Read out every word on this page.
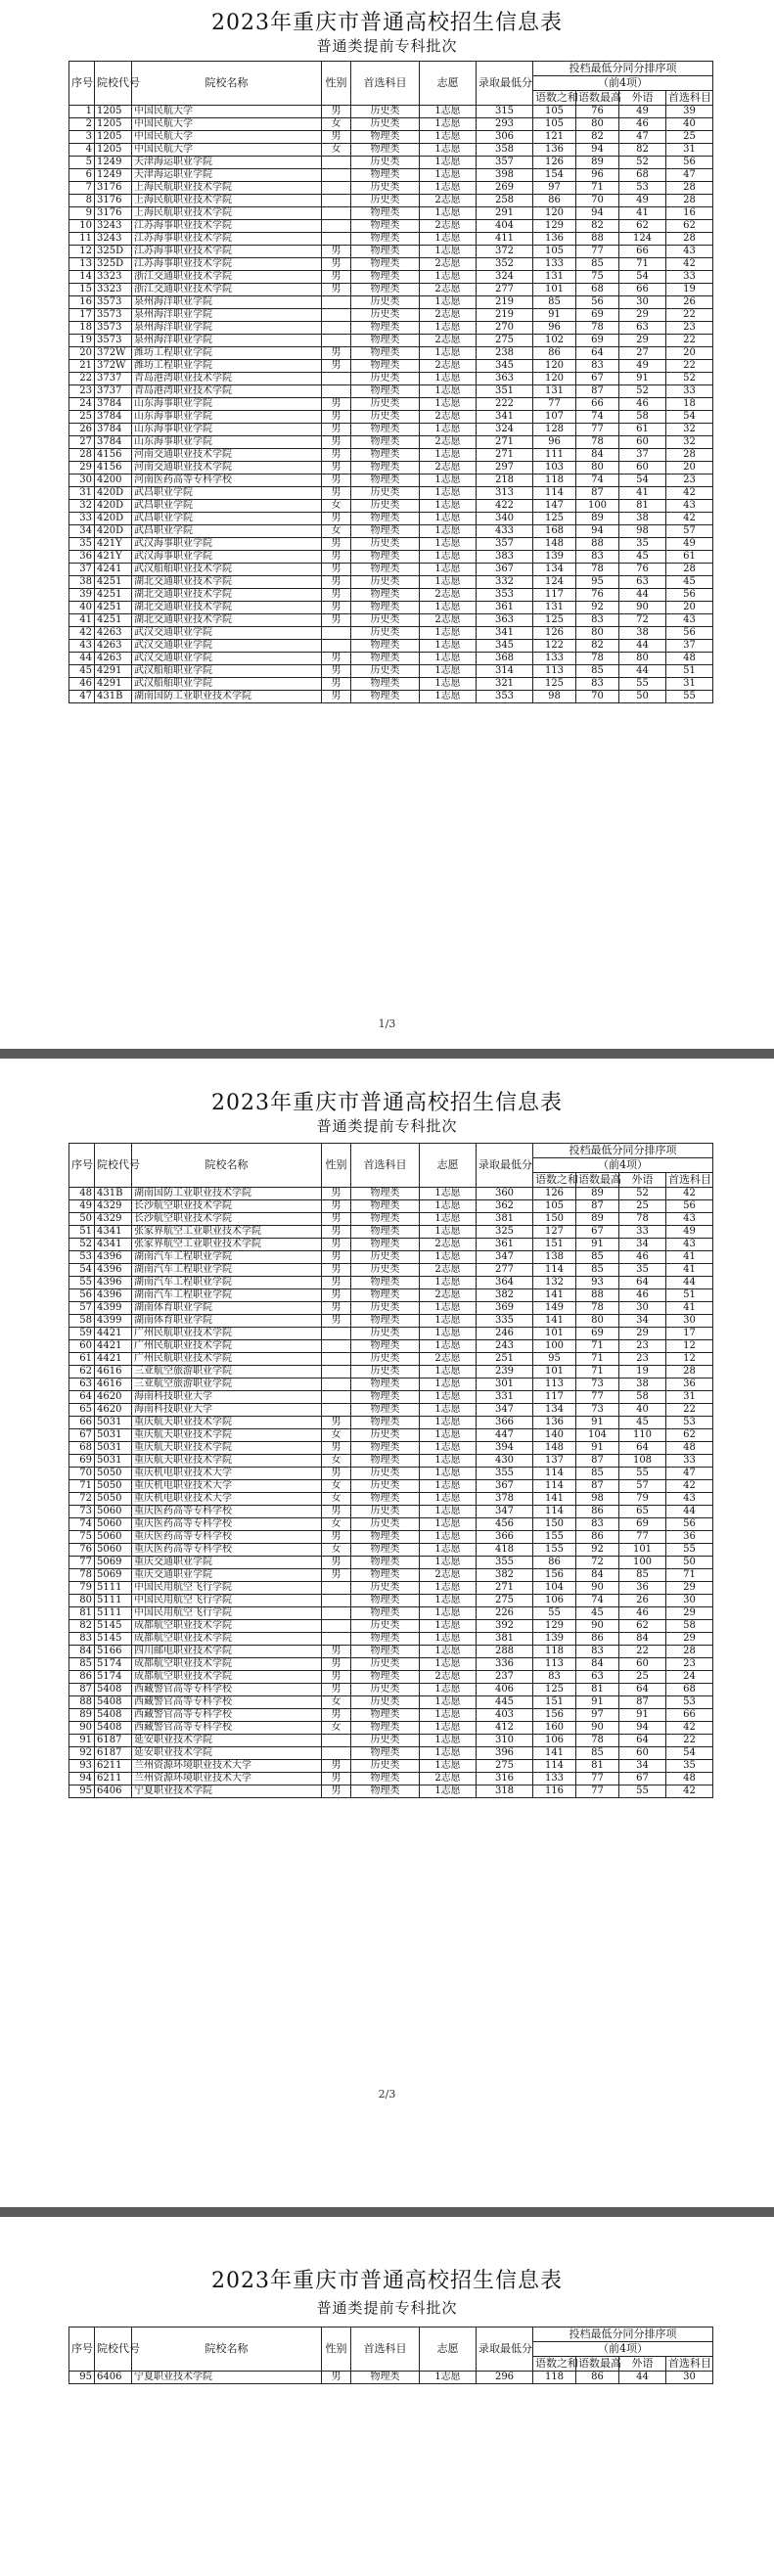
2023年重庆市普通高校招生信息表
普通类提前专科批次
序号	院校代号	院校名称	性别	首选科目	志愿	录取最低分	投档最低分同分排序项			
							（前4项）			
							语数之和	语数最高	外语	首选科目
1	1205	中国民航大学	男	历史类	1志愿	315	105	76	49	39
2	1205	中国民航大学	女	历史类	1志愿	293	105	80	46	40
3	1205	中国民航大学	男	物理类	1志愿	306	121	82	47	25
4	1205	中国民航大学	女	物理类	1志愿	358	136	94	82	31
5	1249	天津海运职业学院		历史类	1志愿	357	126	89	52	56
6	1249	天津海运职业学院		物理类	1志愿	398	154	96	68	47
7	3176	上海民航职业技术学院		历史类	1志愿	269	97	71	53	28
8	3176	上海民航职业技术学院		历史类	2志愿	258	86	70	49	28
9	3176	上海民航职业技术学院		物理类	1志愿	291	120	94	41	16
10	3243	江苏海事职业技术学院		物理类	2志愿	404	129	82	62	62
11	3243	江苏海事职业技术学院		物理类	1志愿	411	136	88	124	28
12	325D	江苏海事职业技术学院	男	物理类	1志愿	372	105	77	66	43
13	325D	江苏海事职业技术学院	男	物理类	2志愿	352	133	85	71	42
14	3323	浙江交通职业技术学院	男	物理类	1志愿	324	131	75	54	33
15	3323	浙江交通职业技术学院	男	物理类	2志愿	277	101	68	66	19
16	3573	泉州海洋职业学院		历史类	1志愿	219	85	56	30	26
17	3573	泉州海洋职业学院		历史类	2志愿	219	91	69	29	22
18	3573	泉州海洋职业学院		物理类	1志愿	270	96	78	63	23
19	3573	泉州海洋职业学院		物理类	2志愿	275	102	69	29	22
20	372W	潍坊工程职业学院	男	物理类	1志愿	238	86	64	27	20
21	372W	潍坊工程职业学院	男	物理类	2志愿	345	120	83	49	22
22	3737	青岛港湾职业技术学院		历史类	1志愿	363	120	67	91	52
23	3737	青岛港湾职业技术学院		物理类	1志愿	351	131	87	52	33
24	3784	山东海事职业学院	男	历史类	1志愿	222	77	66	46	18
25	3784	山东海事职业学院	男	历史类	2志愿	341	107	74	58	54
26	3784	山东海事职业学院	男	物理类	1志愿	324	128	77	61	32
27	3784	山东海事职业学院	男	物理类	2志愿	271	96	78	60	32
28	4156	河南交通职业技术学院	男	物理类	1志愿	271	111	84	37	28
29	4156	河南交通职业技术学院	男	物理类	2志愿	297	103	80	60	20
30	4200	河南医药高等专科学校	男	物理类	1志愿	218	118	74	54	23
31	420D	武昌职业学院	男	历史类	1志愿	313	114	87	41	42
32	420D	武昌职业学院	女	历史类	1志愿	422	147	100	81	43
33	420D	武昌职业学院	男	物理类	1志愿	340	125	89	38	42
34	420D	武昌职业学院	女	物理类	1志愿	433	168	94	98	57
35	421Y	武汉海事职业学院	男	历史类	1志愿	357	148	88	35	49
36	421Y	武汉海事职业学院	男	物理类	1志愿	383	139	83	45	61
37	4241	武汉船舶职业技术学院	男	物理类	1志愿	367	134	78	76	28
38	4251	湖北交通职业技术学院	男	历史类	1志愿	332	124	95	63	45
39	4251	湖北交通职业技术学院	男	物理类	2志愿	353	117	76	44	56
40	4251	湖北交通职业技术学院	男	物理类	1志愿	361	131	92	90	20
41	4251	湖北交通职业技术学院	男	历史类	2志愿	363	125	83	72	43
42	4263	武汉交通职业学院		历史类	1志愿	341	126	80	38	56
43	4263	武汉交通职业学院		物理类	1志愿	345	122	82	44	37
44	4263	武汉交通职业学院	男	物理类	1志愿	368	133	78	80	48
45	4291	武汉船舶职业学院	男	历史类	1志愿	314	113	85	44	51
46	4291	武汉船舶职业学院	男	物理类	1志愿	321	125	83	55	31
47	431B	湖南国防工业职业技术学院	男	物理类	1志愿	353	98	70	50	55
1/3
2023年重庆市普通高校招生信息表
普通类提前专科批次
序号	院校代号	院校名称	性别	首选科目	志愿	录取最低分	投档最低分同分排序项			
							（前4项）			
							语数之和	语数最高	外语	首选科目
48	431B	湖南国防工业职业技术学院	男	物理类	1志愿	360	126	89	52	42
49	4329	长沙航空职业技术学院	男	物理类	1志愿	362	105	87	25	56
50	4329	长沙航空职业技术学院	男	物理类	1志愿	381	150	89	78	43
51	4341	张家界航空工业职业技术学院	男	物理类	1志愿	325	127	67	33	49
52	4341	张家界航空工业职业技术学院	男	物理类	2志愿	361	151	91	34	43
53	4396	湖南汽车工程职业学院	男	历史类	1志愿	347	138	85	46	41
54	4396	湖南汽车工程职业学院	男	历史类	2志愿	277	114	85	35	41
55	4396	湖南汽车工程职业学院	男	物理类	1志愿	364	132	93	64	44
56	4396	湖南汽车工程职业学院	男	物理类	2志愿	382	141	88	46	51
57	4399	湖南体育职业学院	男	历史类	1志愿	369	149	78	30	41
58	4399	湖南体育职业学院	男	物理类	1志愿	335	141	80	34	30
59	4421	广州民航职业技术学院		历史类	1志愿	246	101	69	29	17
60	4421	广州民航职业技术学院		物理类	1志愿	243	100	71	23	12
61	4421	广州民航职业技术学院		历史类	2志愿	251	95	71	23	12
62	4616	三亚航空旅游职业学院		历史类	1志愿	239	101	71	19	28
63	4616	三亚航空旅游职业学院		物理类	1志愿	301	113	73	38	36
64	4620	海南科技职业大学		物理类	1志愿	331	117	77	58	31
65	4620	海南科技职业大学		物理类	1志愿	347	134	73	40	22
66	5031	重庆航天职业技术学院	男	物理类	1志愿	366	136	91	45	53
67	5031	重庆航天职业技术学院	女	历史类	1志愿	447	140	104	110	62
68	5031	重庆航天职业技术学院	男	物理类	1志愿	394	148	91	64	48
69	5031	重庆航天职业技术学院	女	物理类	1志愿	430	137	87	108	33
70	5050	重庆机电职业技术大学	男	历史类	1志愿	355	114	85	55	47
71	5050	重庆机电职业技术大学	女	历史类	1志愿	367	114	87	57	42
72	5050	重庆机电职业技术大学	女	物理类	1志愿	378	141	98	79	43
73	5060	重庆医药高等专科学校	男	历史类	1志愿	347	114	86	65	44
74	5060	重庆医药高等专科学校	女	历史类	1志愿	456	150	83	69	56
75	5060	重庆医药高等专科学校	男	物理类	1志愿	366	155	86	77	36
76	5060	重庆医药高等专科学校	女	物理类	1志愿	418	155	92	101	55
77	5069	重庆交通职业学院	男	物理类	1志愿	355	86	72	100	50
78	5069	重庆交通职业学院	男	物理类	2志愿	382	156	84	85	71
79	5111	中国民用航空飞行学院		历史类	1志愿	271	104	90	36	29
80	5111	中国民用航空飞行学院		物理类	1志愿	275	106	74	26	30
81	5111	中国民用航空飞行学院		物理类	1志愿	226	55	45	46	29
82	5145	成都航空职业技术学院		历史类	1志愿	392	129	90	62	58
83	5145	成都航空职业技术学院		物理类	1志愿	381	139	86	84	29
84	5166	四川邮电职业技术学院	男	物理类	1志愿	288	118	83	22	28
85	5174	成都航空职业技术学院	男	历史类	1志愿	336	113	84	60	23
86	5174	成都航空职业技术学院	男	物理类	2志愿	237	83	63	25	24
87	5408	西藏警官高等专科学校	男	历史类	1志愿	406	125	81	64	68
88	5408	西藏警官高等专科学校	女	历史类	1志愿	445	151	91	87	53
89	5408	西藏警官高等专科学校	男	物理类	1志愿	403	156	97	91	66
90	5408	西藏警官高等专科学校	女	物理类	1志愿	412	160	90	94	42
91	6187	延安职业技术学院		历史类	1志愿	310	106	78	64	22
92	6187	延安职业技术学院		物理类	1志愿	396	141	85	60	54
93	6211	兰州资源环境职业技术大学	男	历史类	1志愿	275	114	81	34	35
94	6211	兰州资源环境职业技术大学	男	物理类	2志愿	316	133	77	67	48
95	6406	宁夏职业技术学院	男	物理类	1志愿	318	116	77	55	42
2/3
2023年重庆市普通高校招生信息表
普通类提前专科批次
序号	院校代号	院校名称	性别	首选科目	志愿	录取最低分	投档最低分同分排序项			
							（前4项）			
							语数之和	语数最高	外语	首选科目
95	6406	宁夏职业技术学院	男	物理类	1志愿	296	118	86	44	30
